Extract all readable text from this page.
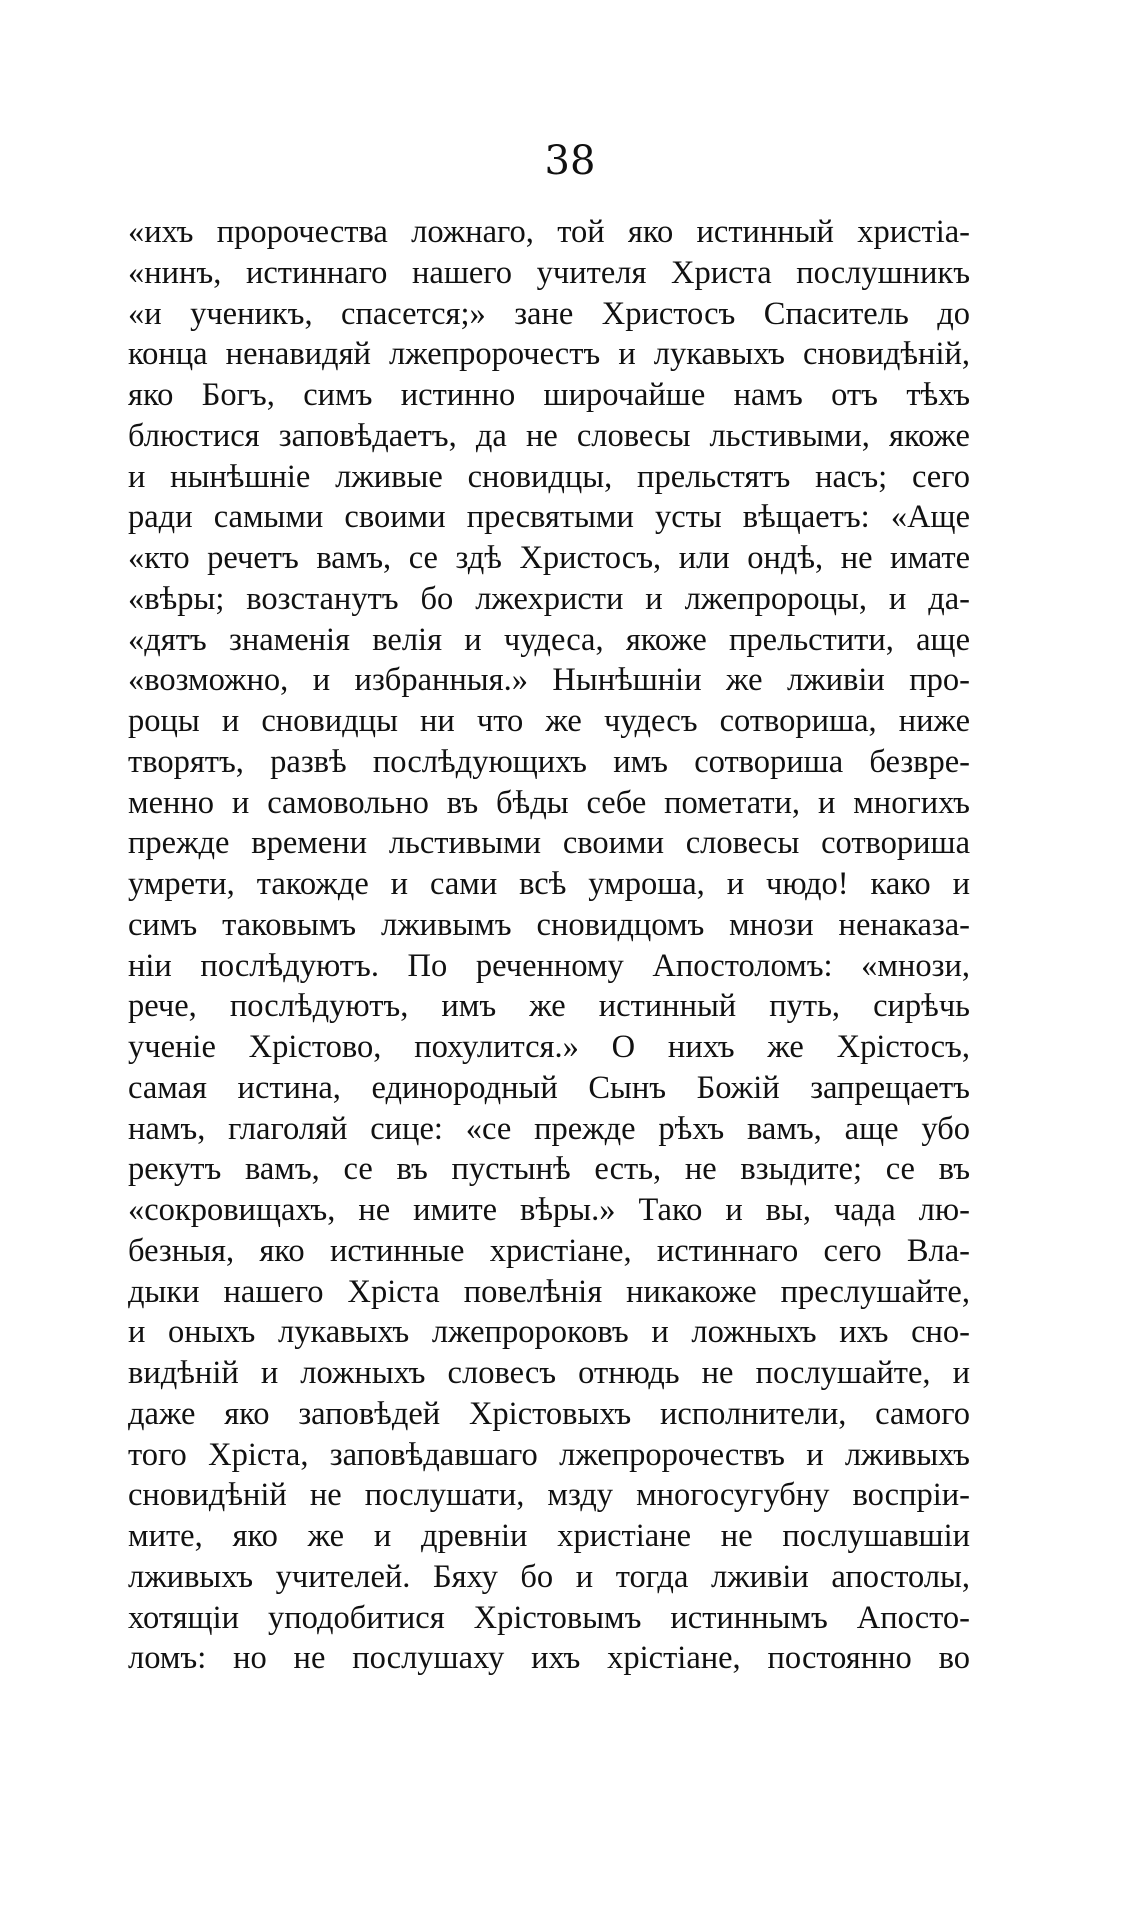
38
«ихъ пророчества ложнаго, той яко истинный христіа-
«нинъ, истиннаго нашего учителя Христа послушникъ
«и ученикъ, спасется;» зане Христосъ Спаситель до
конца ненавидяй лжепророчестъ и лукавыхъ сновидѣній,
яко Богъ, симъ истинно широчайше намъ отъ тѣхъ
блюстися заповѣдаетъ, да не словесы льстивыми, якоже
и нынѣшніе лживые сновидцы, прельстятъ насъ; сего
ради самыми своими пресвятыми усты вѣщаетъ: «Аще
«кто речетъ вамъ, се здѣ Христосъ, или ондѣ, не имате
«вѣры; возстанутъ бо лжехристи и лжепророцы, и да-
«дятъ знаменія велія и чудеса, якоже прельстити, аще
«возможно, и избранныя.» Нынѣшніи же лживіи про-
роцы и сновидцы ни что же чудесъ сотвориша, ниже
творятъ, развѣ послѣдующихъ имъ сотвориша безвре-
менно и самовольно въ бѣды себе пометати, и многихъ
прежде времени льстивыми своими словесы сотвориша
умрети, такожде и сами всѣ умроша, и чюдо! како и
симъ таковымъ лживымъ сновидцомъ мнози ненаказа-
ніи послѣдуютъ. По реченному Апостоломъ: «мнози,
рече, послѣдуютъ, имъ же истинный путь, сирѣчь
ученіе Хрістово, похулится.» О нихъ же Хрістосъ,
самая истина, единородный Сынъ Божій запрещаетъ
намъ, глаголяй сице: «се прежде рѣхъ вамъ, аще убо
рекутъ вамъ, се въ пустынѣ есть, не взыдите; се въ
«сокровищахъ, не имите вѣры.» Тако и вы, чада лю-
безныя, яко истинные христіане, истиннаго сего Вла-
дыки нашего Хріста повелѣнія никакоже преслушайте,
и оныхъ лукавыхъ лжепророковъ и ложныхъ ихъ сно-
видѣній и ложныхъ словесъ отнюдь не послушайте, и
даже яко заповѣдей Хрістовыхъ исполнители, самого
того Хріста, заповѣдавшаго лжепророчествъ и лживыхъ
сновидѣній не послушати, мзду многосугубну воспріи-
мите, яко же и древніи христіане не послушавшіи
лживыхъ учителей. Бяху бо и тогда лживіи апостолы,
хотящіи уподобитися Хрістовымъ истиннымъ Апосто-
ломъ: но не послушаху ихъ хрістіане, постоянно во
